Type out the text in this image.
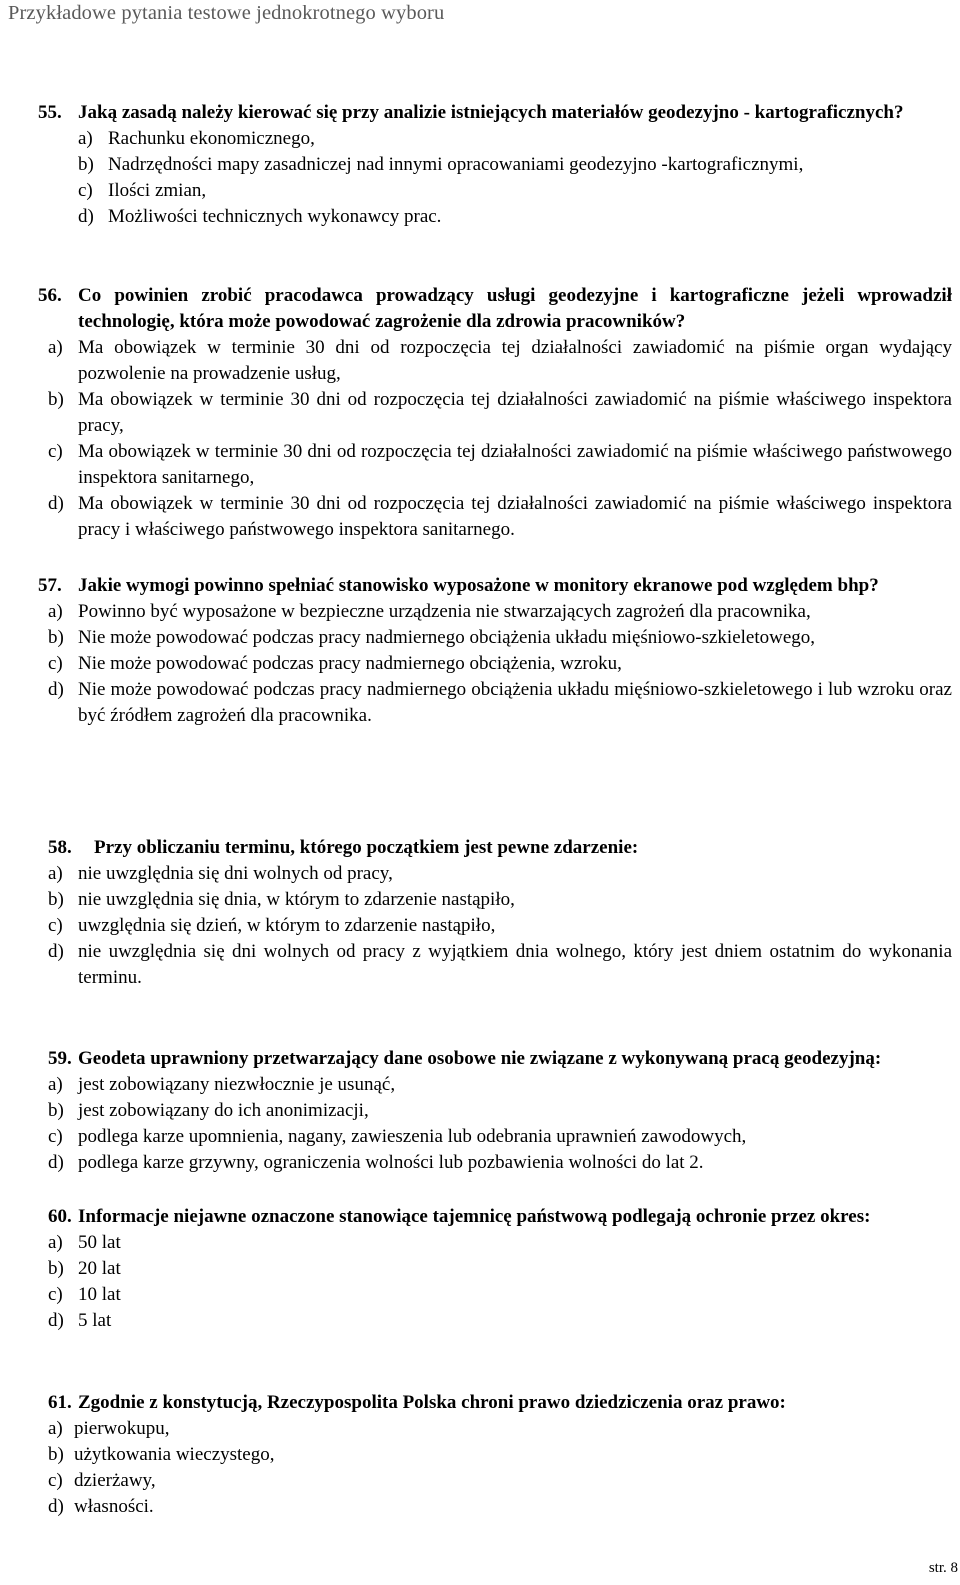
Przykładowe pytania testowe jednokrotnego wyboru
55. Jaką zasadą należy kierować się przy analizie istniejących materiałów geodezyjno - kartograficznych?
a) Rachunku ekonomicznego,
b) Nadrzędności mapy zasadniczej nad innymi opracowaniami geodezyjno -kartograficznymi,
c) Ilości zmian,
d) Możliwości technicznych wykonawcy prac.
56. Co powinien zrobić pracodawca prowadzący usługi geodezyjne i kartograficzne jeżeli wprowadził technologię, która może powodować zagrożenie dla zdrowia pracowników?
a) Ma obowiązek w terminie 30 dni od rozpoczęcia tej działalności zawiadomić na piśmie organ wydający pozwolenie na prowadzenie usług,
b) Ma obowiązek w terminie 30 dni od rozpoczęcia tej działalności zawiadomić na piśmie właściwego inspektora pracy,
c) Ma obowiązek w terminie 30 dni od rozpoczęcia tej działalności zawiadomić na piśmie właściwego państwowego inspektora sanitarnego,
d) Ma obowiązek w terminie 30 dni od rozpoczęcia tej działalności zawiadomić na piśmie właściwego inspektora pracy i właściwego państwowego inspektora sanitarnego.
57. Jakie wymogi powinno spełniać stanowisko wyposażone w monitory ekranowe pod względem bhp?
a) Powinno być wyposażone w bezpieczne urządzenia nie stwarzających zagrożeń dla pracownika,
b) Nie może powodować podczas pracy nadmiernego obciążenia układu mięśniowo-szkieletowego,
c) Nie może powodować podczas pracy nadmiernego obciążenia, wzroku,
d) Nie może powodować podczas pracy nadmiernego obciążenia układu mięśniowo-szkieletowego i lub wzroku oraz być źródłem zagrożeń dla pracownika.
58. Przy obliczaniu terminu, którego początkiem jest pewne zdarzenie:
a) nie uwzględnia się dni wolnych od pracy,
b) nie uwzględnia się dnia, w którym to zdarzenie nastąpiło,
c) uwzględnia się dzień, w którym to zdarzenie nastąpiło,
d) nie uwzględnia się dni wolnych od pracy z wyjątkiem dnia wolnego, który jest dniem ostatnim do wykonania terminu.
59. Geodeta uprawniony przetwarzający dane osobowe nie związane z wykonywaną pracą geodezyjną:
a) jest zobowiązany niezwłocznie je usunąć,
b) jest zobowiązany do ich anonimizacji,
c) podlega karze upomnienia, nagany, zawieszenia lub odebrania uprawnień zawodowych,
d) podlega karze grzywny, ograniczenia wolności lub pozbawienia wolności do lat 2.
60. Informacje niejawne oznaczone stanowiące tajemnicę państwową podlegają ochronie przez okres:
a) 50 lat
b) 20 lat
c) 10 lat
d) 5 lat
61. Zgodnie z konstytucją, Rzeczypospolita Polska chroni prawo dziedziczenia oraz prawo:
a) pierwokupu,
b) użytkowania wieczystego,
c) dzierżawy,
d) własności.
str. 8
